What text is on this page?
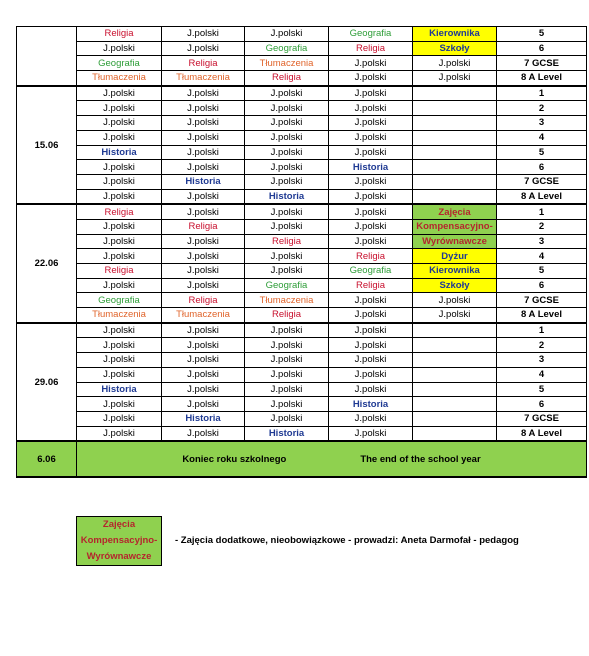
	Religia	J.polski	J.polski	Geografia	Kierownika	5
	J.polski	J.polski	Geografia	Religia	Szkoły	6
	Geografia	Religia	Tłumaczenia	J.polski	J.polski	7 GCSE
	Tłumaczenia	Tłumaczenia	Religia	J.polski	J.polski	8 A Level
15.06	J.polski	J.polski	J.polski	J.polski		1
	J.polski	J.polski	J.polski	J.polski		2
	J.polski	J.polski	J.polski	J.polski		3
	J.polski	J.polski	J.polski	J.polski		4
	Historia	J.polski	J.polski	J.polski		5
	J.polski	J.polski	J.polski	Historia		6
	J.polski	Historia	J.polski	J.polski		7 GCSE
	J.polski	J.polski	Historia	J.polski		8 A Level
22.06	Religia	J.polski	J.polski	J.polski	Zajęcia	1
	J.polski	Religia	J.polski	J.polski	Kompensacyjno-	2
	J.polski	J.polski	Religia	J.polski	Wyrównawcze	3
	J.polski	J.polski	J.polski	Religia	Dyżur	4
	Religia	J.polski	J.polski	Geografia	Kierownika	5
	J.polski	J.polski	Geografia	Religia	Szkoły	6
	Geografia	Religia	Tłumaczenia	J.polski	J.polski	7 GCSE
	Tłumaczenia	Tłumaczenia	Religia	J.polski	J.polski	8 A Level
29.06	J.polski	J.polski	J.polski	J.polski		1
	J.polski	J.polski	J.polski	J.polski		2
	J.polski	J.polski	J.polski	J.polski		3
	J.polski	J.polski	J.polski	J.polski		4
	Historia	J.polski	J.polski	J.polski		5
	J.polski	J.polski	J.polski	Historia		6
	J.polski	Historia	J.polski	J.polski		7 GCSE
	J.polski	J.polski	Historia	J.polski		8 A Level
6.06	Koniec roku szkolnego The end of the school year					
Zajęcia
Kompensacyjno-
Wyrównawcze
- Zajęcia dodatkowe, nieobowiązkowe - prowadzi: Aneta Darmofał - pedagog
